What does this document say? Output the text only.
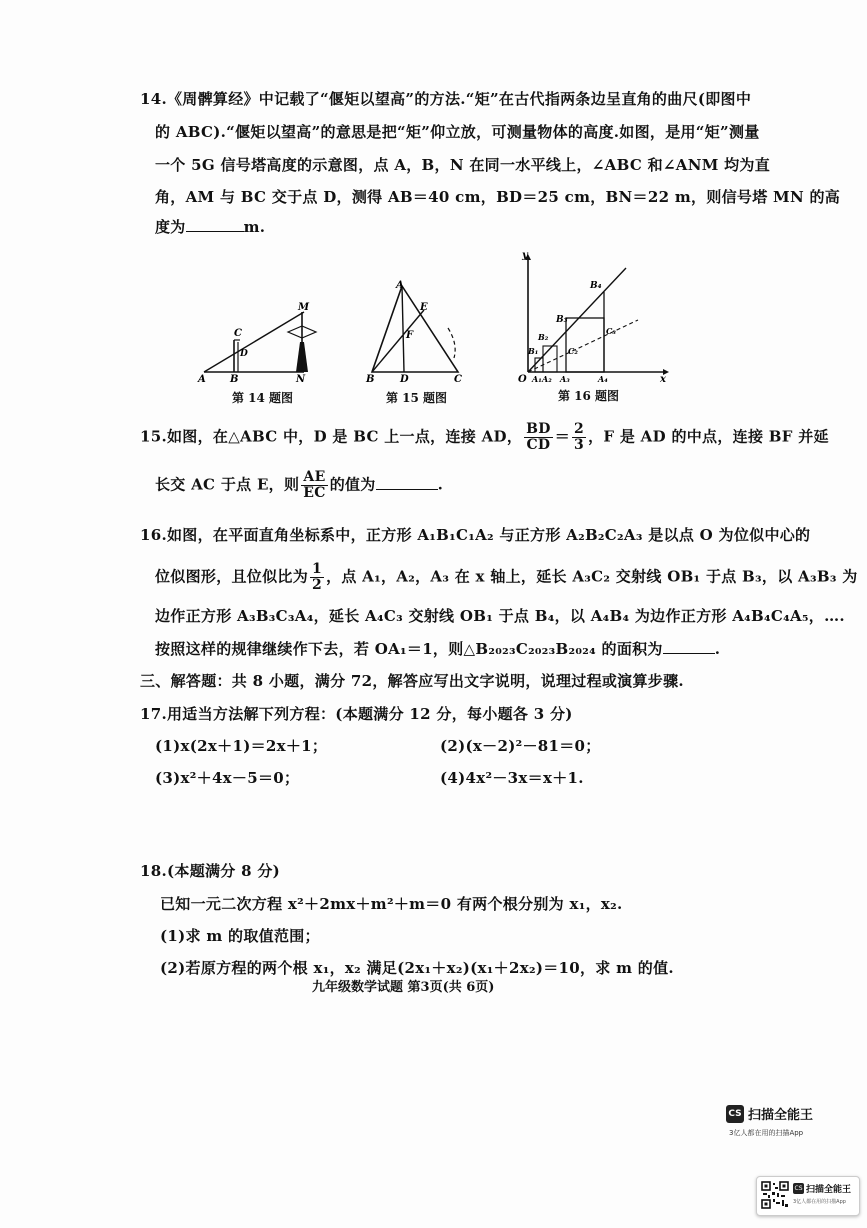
14.《周髀算经》中记载了“偃矩以望高”的方法.“矩”在古代指两条边呈直角的曲尺(即图中
的 ABC).“偃矩以望高”的意思是把“矩”仰立放，可测量物体的高度.如图，是用“矩”测量
一个 5G 信号塔高度的示意图，点 A，B，N 在同一水平线上，∠ABC 和∠ANM 均为直
角，AM 与 BC 交于点 D，测得 AB＝40 cm，BD＝25 cm，BN＝22 m，则信号塔 MN 的高
度为	m.
M
C
D
A B	N
第 14 题图
A
E
F
B	D	C
第 15 题图
y
x
O A₁ A₂ A₃	A₄
B₁
B₂
B₃
B₄
C₂
C₃
第 16 题图
15.如图，在△ABC 中，D 是 BC 上一点，连接 AD， $\frac{BD}{CD} = \frac{2}{3}$ ，F 是 AD 的中点，连接 BF 并延
长交 AC 于点 E，则 $\frac{AE}{EC}$ 的值为	.
16.如图，在平面直角坐标系中，正方形 A₁B₁C₁A₂ 与正方形 A₂B₂C₂A₃ 是以点 O 为位似中心的
位似图形，且位似比为 $\frac{1}{2}$ ，点 A₁，A₂，A₃ 在 x 轴上，延长 A₃C₂ 交射线 OB₁ 于点 B₃，以 A₃B₃ 为
边作正方形 A₃B₃C₃A₄，延长 A₄C₃ 交射线 OB₁ 于点 B₄，以 A₄B₄ 为边作正方形 A₄B₄C₄A₅，….
按照这样的规律继续作下去，若 OA₁＝1，则△B₂₀₂₃C₂₀₂₃B₂₀₂₄ 的面积为	.
三、解答题：共 8 小题，满分 72，解答应写出文字说明，说理过程或演算步骤.
17.用适当方法解下列方程：(本题满分 12 分，每小题各 3 分)
(1)x(2x＋1)＝2x＋1；	(2)(x－2)²－81＝0；
(3)x²＋4x－5＝0；	(4)4x²－3x＝x＋1.
18.(本题满分 8 分)
已知一元二次方程 x²＋2mx＋m²＋m＝0 有两个根分别为 x₁，x₂.
(1)求 m 的取值范围；
(2)若原方程的两个根 x₁，x₂ 满足(2x₁＋x₂)(x₁＋2x₂)＝10，求 m 的值.
九年级数学试题 第3页(共 6页)
CS 扫描全能王
3亿人都在用的扫描App
CS 扫描全能王
3亿人都在用的扫描App
